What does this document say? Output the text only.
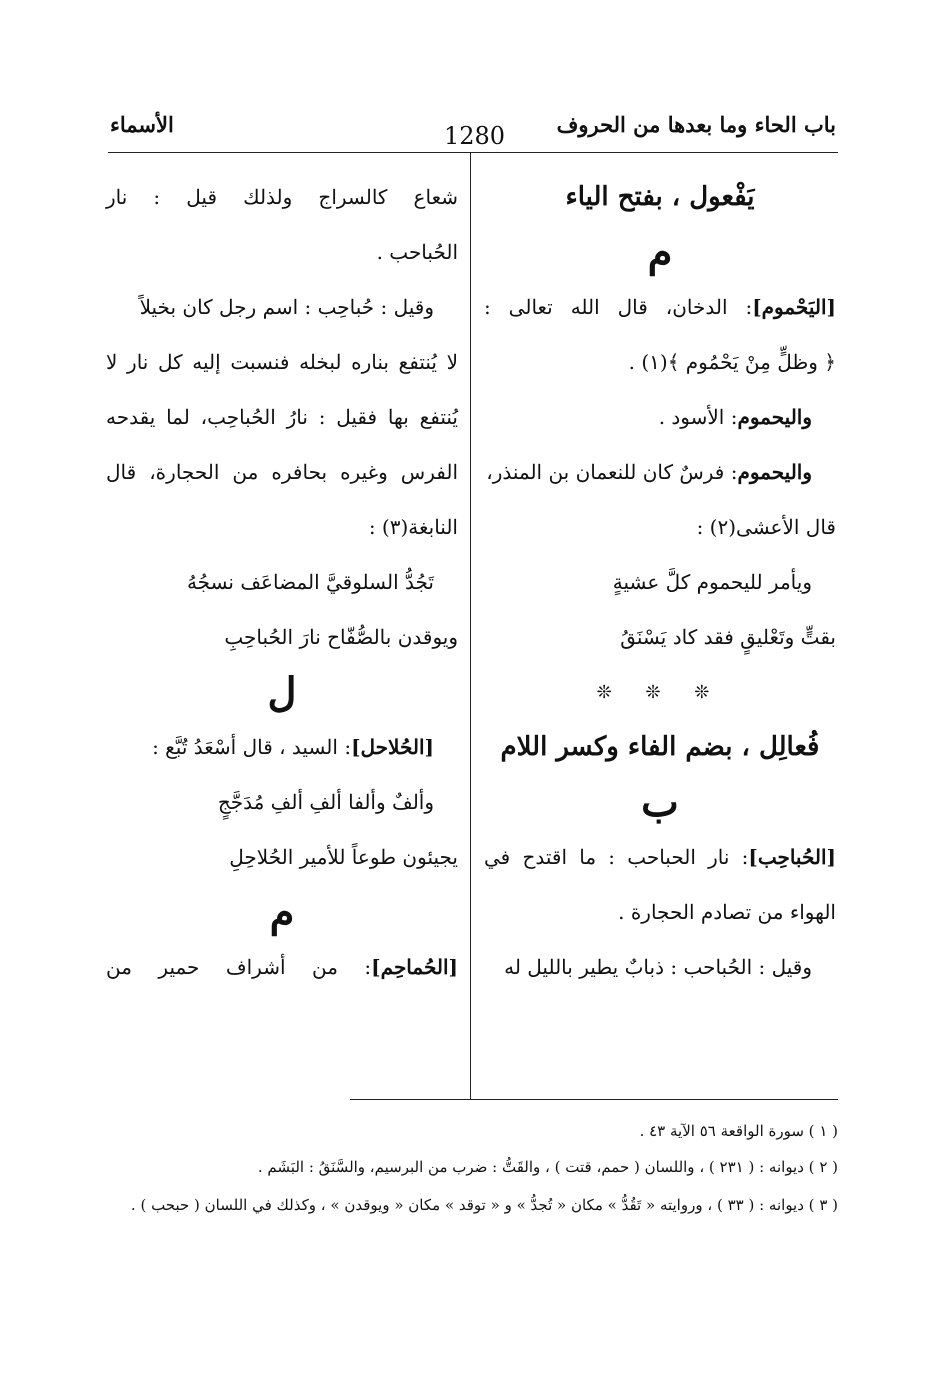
باب الحاء وما بعدها من الحروف
1280
الأسماء
يَفْعول ، بفتح الياء
م
[اليَحْموم]: الدخان، قال الله تعالى :
﴿ وظلٍّ مِنْ يَحْمُوم ﴾(١) .
واليحموم: الأسود .
واليحموم: فرسٌ كان للنعمان بن المنذر،
قال الأعشى(٢) :
ويأمر لليحموم كلَّ عشيةٍ
بقتٍّ وتَعْليقٍ فقد كاد يَسْنَقُ
❊ ❊ ❊
فُعالِل ، بضم الفاء وكسر اللام
ب
[الحُباحِب]: نار الحباحب : ما اقتدح في
الهواء من تصادم الحجارة .
وقيل : الحُباحب : ذبابٌ يطير بالليل له
شعاع كالسراج ولذلك قيل : نار
الحُباحب .
وقيل : حُباحِب : اسم رجل كان بخيلاً
لا يُنتفع بناره لبخله فنسبت إليه كل نار لا
يُنتفع بها فقيل : نارُ الحُباحِب، لما يقدحه
الفرس وغيره بحافره من الحجارة، قال
النابغة(٣) :
تَجُدُّ السلوقيَّ المضاعَف نسجُهُ
ويوقدن بالصُّفّاح نارَ الحُباحِبِ
ل
[الحُلاحل]: السيد ، قال أسْعَدُ تُبَّع :
وألفٌ وألفا ألفِ ألفِ مُدَجَّجٍ
يجيئون طوعاً للأمير الحُلاحِلِ
م
[الحُماحِم]: من أشراف حمير من
( ١ ) سورة الواقعة ٥٦ الآية ٤٣ .
( ٢ ) ديوانه : ( ٢٣١ ) ، واللسان ( حمم، قتت ) ، والقَتُّ : ضرب من البرسيم، والسَّنَقُ : البَشَم .
( ٣ ) ديوانه : ( ٣٣ ) ، وروايته « تَقُدُّ » مكان « تُجدُّ » و « توقد » مكان « ويوقدن » ، وكذلك في اللسان ( حبحب ) .
